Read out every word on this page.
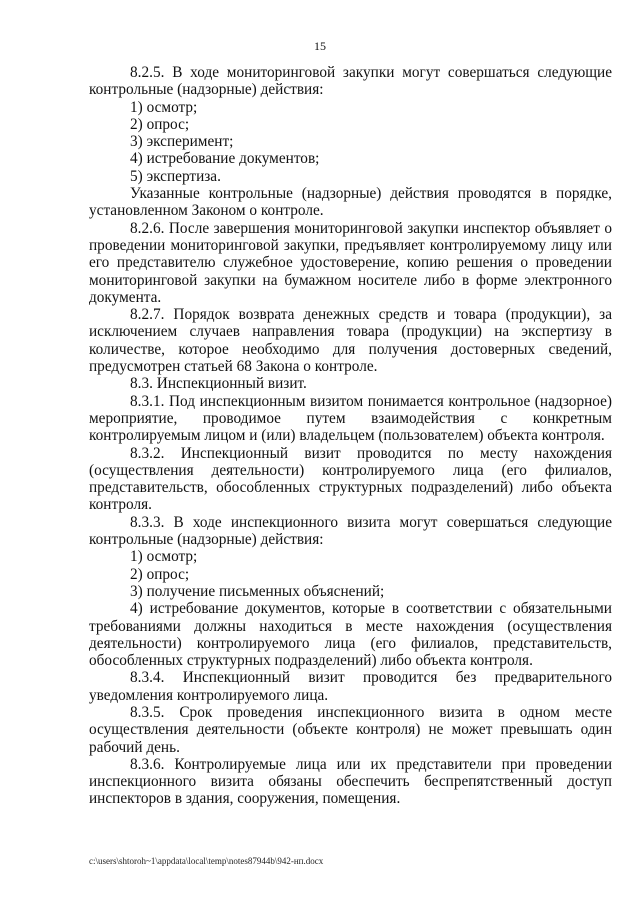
15

8.2.5. В ходе мониторинговой закупки могут совершаться следующие контрольные (надзорные) действия:

1) осмотр;
2) опрос;
3) эксперимент;
4) истребование документов;
5) экспертиза.

Указанные контрольные (надзорные) действия проводятся в порядке, установленном Законом о контроле.

8.2.6. После завершения мониторинговой закупки инспектор объявляет о проведении мониторинговой закупки, предъявляет контролируемому лицу или его представителю служебное удостоверение, копию решения о проведении мониторинговой закупки на бумажном носителе либо в форме электронного документа.

8.2.7. Порядок возврата денежных средств и товара (продукции), за исключением случаев направления товара (продукции) на экспертизу в количестве, которое необходимо для получения достоверных сведений, предусмотрен статьей 68 Закона о контроле.

8.3. Инспекционный визит.

8.3.1. Под инспекционным визитом понимается контрольное (надзорное) мероприятие, проводимое путем взаимодействия с конкретным контролируемым лицом и (или) владельцем (пользователем) объекта контроля.

8.3.2. Инспекционный визит проводится по месту нахождения (осуществления деятельности) контролируемого лица (его филиалов, представительств, обособленных структурных подразделений) либо объекта контроля.

8.3.3. В ходе инспекционного визита могут совершаться следующие контрольные (надзорные) действия:

1) осмотр;
2) опрос;
3) получение письменных объяснений;

4) истребование документов, которые в соответствии с обязательными требованиями должны находиться в месте нахождения (осуществления деятельности) контролируемого лица (его филиалов, представительств, обособленных структурных подразделений) либо объекта контроля.

8.3.4. Инспекционный визит проводится без предварительного уведомления контролируемого лица.

8.3.5. Срок проведения инспекционного визита в одном месте осуществления деятельности (объекте контроля) не может превышать один рабочий день.

8.3.6. Контролируемые лица или их представители при проведении инспекционного визита обязаны обеспечить беспрепятственный доступ инспекторов в здания, сооружения, помещения.

c:\users\shtoroh~1\appdata\local\temp\notes87944b\942-нп.docx
